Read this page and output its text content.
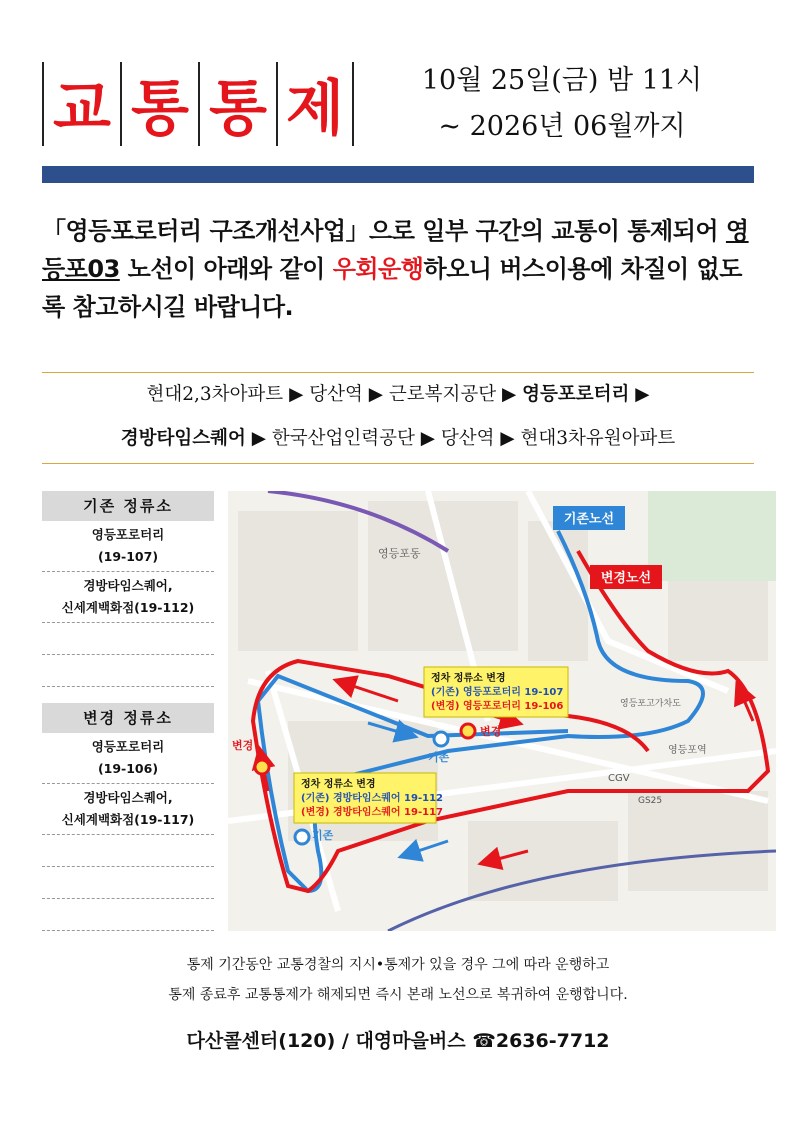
교 통 통 제	10월 25일(금) 밤 11시
~ 2026년 06월까지
「영등포로터리 구조개선사업」으로 일부 구간의 교통이 통제되어 영등포03 노선이 아래와 같이 우회운행하오니 버스이용에 차질이 없도록 참고하시길 바랍니다.
현대2,3차아파트 ▶ 당산역 ▶ 근로복지공단 ▶ 영등포로터리 ▶
경방타임스퀘어 ▶ 한국산업인력공단 ▶ 당산역 ▶ 현대3차유원아파트
기존 정류소
영등포로터리
(19-107)
경방타임스퀘어,
신세계백화점(19-112)
변경 정류소
영등포로터리
(19-106)
경방타임스퀘어,
신세계백화점(19-117)
변경
기존
변경
기존
영등포동
영등포역
CGV
GS25
영등포고가차도
기존노선
변경노선
정차 정류소 변경
(기존) 영등포로터리 19-107
(변경) 영등포로터리 19-106
정차 정류소 변경
(기존) 경방타임스퀘어 19-112
(변경) 경방타임스퀘어 19-117
통제 기간동안 교통경찰의 지시•통제가 있을 경우 그에 따라 운행하고
통제 종료후 교통통제가 해제되면 즉시 본래 노선으로 복귀하여 운행합니다.
다산콜센터(120) / 대영마을버스 ☎2636-7712
